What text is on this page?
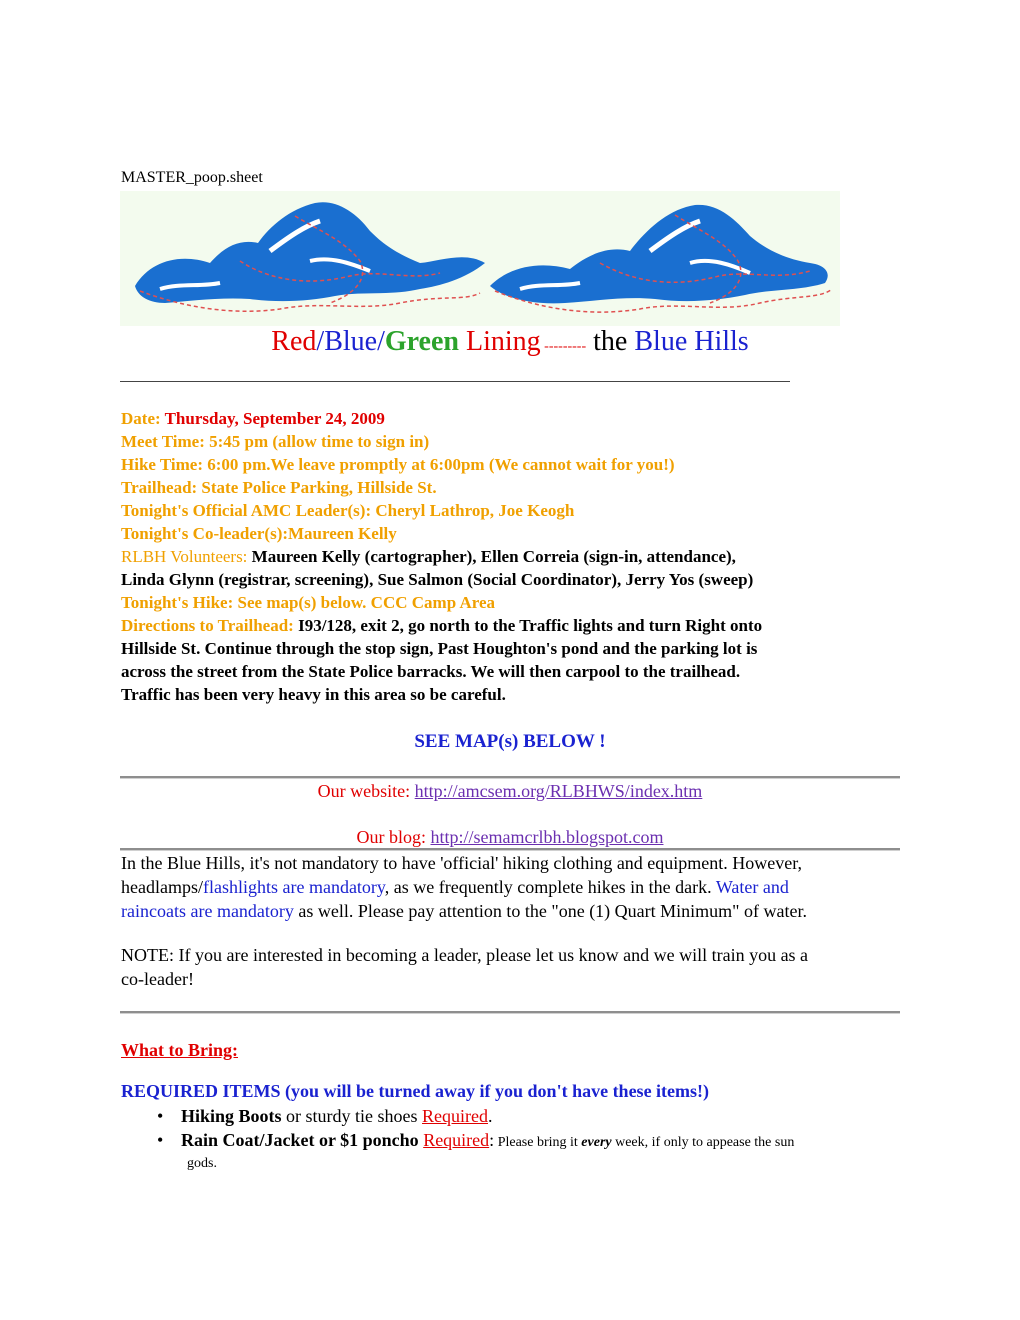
MASTER_poop.sheet
Red/Blue/Green Lining --------- the Blue Hills
Date: Thursday, September 24, 2009
Meet Time: 5:45 pm (allow time to sign in)
Hike Time: 6:00 pm.We leave promptly at 6:00pm (We cannot wait for you!)
Trailhead: State Police Parking, Hillside St.
Tonight's Official AMC Leader(s): Cheryl Lathrop, Joe Keogh
Tonight's Co-leader(s):Maureen Kelly
RLBH Volunteers: Maureen Kelly (cartographer), Ellen Correia (sign-in, attendance),
Linda Glynn (registrar, screening), Sue Salmon (Social Coordinator), Jerry Yos (sweep)
Tonight's Hike: See map(s) below. CCC Camp Area
Directions to Trailhead: I93/128, exit 2, go north to the Traffic lights and turn Right onto
Hillside St. Continue through the stop sign, Past Houghton's pond and the parking lot is
across the street from the State Police barracks. We will then carpool to the trailhead.
Traffic has been very heavy in this area so be careful.
SEE MAP(s) BELOW !
Our website: http://amcsem.org/RLBHWS/index.htm
Our blog: http://semamcrlbh.blogspot.com
In the Blue Hills, it's not mandatory to have 'official' hiking clothing and equipment. However,
headlamps/flashlights are mandatory, as we frequently complete hikes in the dark. Water and
raincoats are mandatory as well. Please pay attention to the "one (1) Quart Minimum" of water.
NOTE: If you are interested in becoming a leader, please let us know and we will train you as a
co-leader!
What to Bring:
REQUIRED ITEMS (you will be turned away if you don't have these items!)
• Hiking Boots or sturdy tie shoes Required.
• Rain Coat/Jacket or $1 poncho Required: Please bring it every week, if only to appease the sun
gods.
